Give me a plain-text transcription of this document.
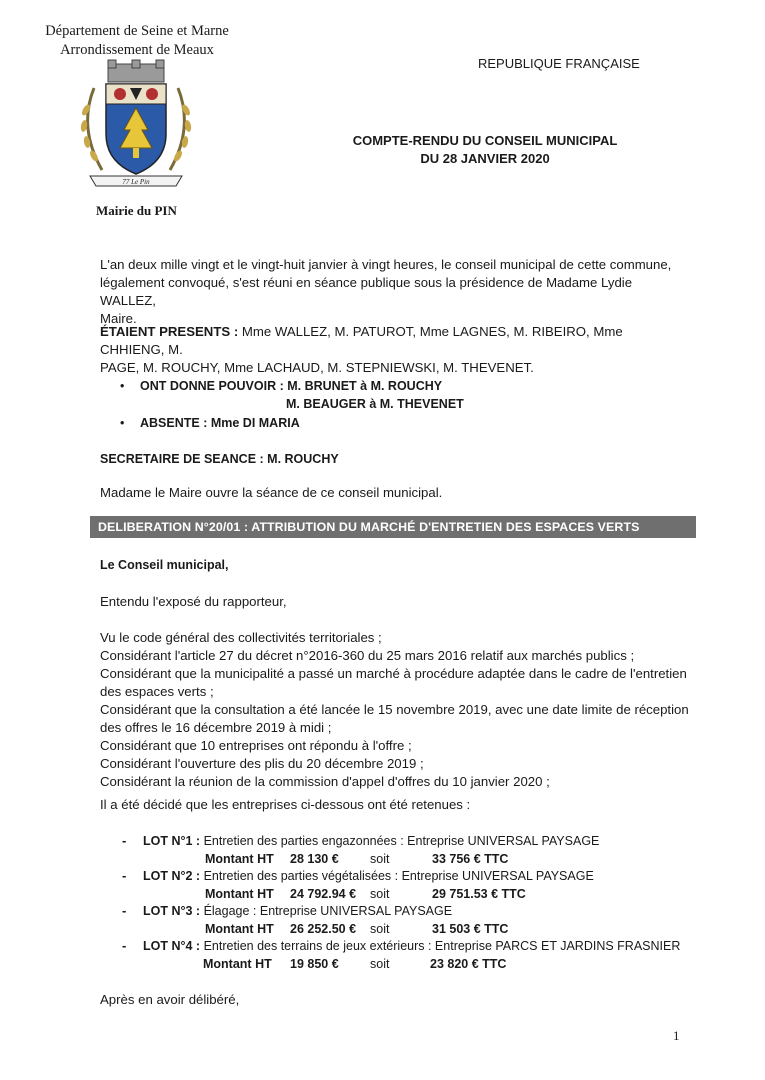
Département de Seine et Marne
Arrondissement de Meaux
77 Le Pin
Mairie du PIN
REPUBLIQUE FRANÇAISE
COMPTE-RENDU DU CONSEIL MUNICIPAL
DU 28 JANVIER 2020
L'an deux mille vingt et le vingt-huit janvier à vingt heures, le conseil municipal de cette commune,
légalement convoqué, s'est réuni en séance publique sous la présidence de Madame Lydie WALLEZ,
Maire.
ÉTAIENT PRESENTS : Mme WALLEZ, M. PATUROT, Mme LAGNES, M. RIBEIRO, Mme CHHIENG, M.
PAGE, M. ROUCHY, Mme LACHAUD, M. STEPNIEWSKI, M. THEVENET.
• ONT DONNE POUVOIR : M. BRUNET à M. ROUCHY
M. BEAUGER à M. THEVENET
• ABSENTE : Mme DI MARIA
SECRETAIRE DE SEANCE : M. ROUCHY
Madame le Maire ouvre la séance de ce conseil municipal.
DELIBERATION N°20/01 : ATTRIBUTION DU MARCHÉ D'ENTRETIEN DES ESPACES VERTS
Le Conseil municipal,
Entendu l'exposé du rapporteur,
Vu le code général des collectivités territoriales ;
Considérant l'article 27 du décret n°2016-360 du 25 mars 2016 relatif aux marchés publics ;
Considérant que la municipalité a passé un marché à procédure adaptée dans le cadre de l'entretien
des espaces verts ;
Considérant que la consultation a été lancée le 15 novembre 2019, avec une date limite de réception
des offres le 16 décembre 2019 à midi ;
Considérant que 10 entreprises ont répondu à l'offre ;
Considérant l'ouverture des plis du 20 décembre 2019 ;
Considérant la réunion de la commission d'appel d'offres du 10 janvier 2020 ;
Il a été décidé que les entreprises ci-dessous ont été retenues :
- LOT N°1 : Entretien des parties engazonnées : Entreprise UNIVERSAL PAYSAGE
Montant HT 28 130 €	soit	33 756 € TTC
- LOT N°2 : Entretien des parties végétalisées : Entreprise UNIVERSAL PAYSAGE
Montant HT 24 792.94 € soit	29 751.53 € TTC
- LOT N°3 : Élagage : Entreprise UNIVERSAL PAYSAGE
Montant HT 26 252.50 € soit	31 503 € TTC
- LOT N°4 : Entretien des terrains de jeux extérieurs : Entreprise PARCS ET JARDINS FRASNIER
Montant HT 19 850 €	soit	23 820 € TTC
Après en avoir délibéré,
1
